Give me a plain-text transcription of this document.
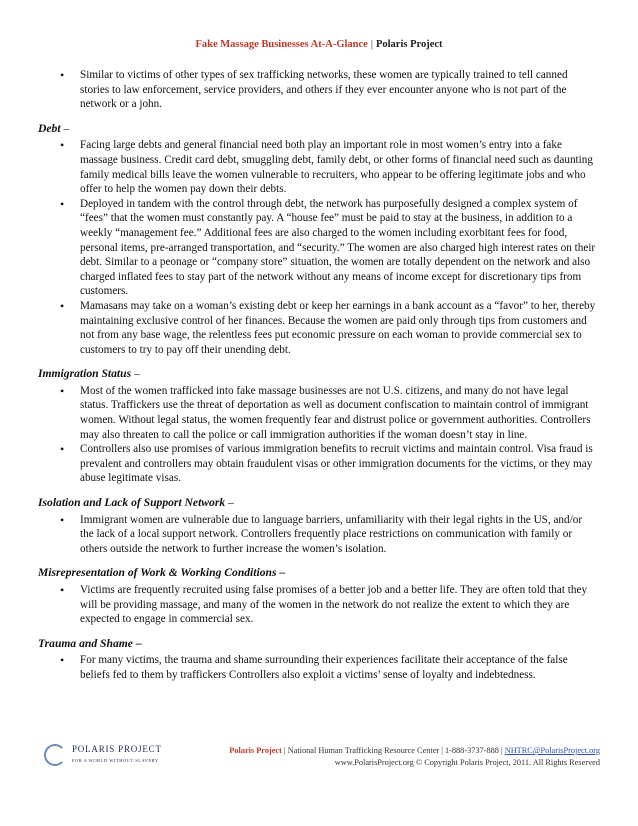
Fake Massage Businesses At-A-Glance | Polaris Project
• Similar to victims of other types of sex trafficking networks, these women are typically trained to tell canned stories to law enforcement, service providers, and others if they ever encounter anyone who is not part of the network or a john.
Debt –
• Facing large debts and general financial need both play an important role in most women’s entry into a fake massage business. Credit card debt, smuggling debt, family debt, or other forms of financial need such as daunting family medical bills leave the women vulnerable to recruiters, who appear to be offering legitimate jobs and who offer to help the women pay down their debts.
• Deployed in tandem with the control through debt, the network has purposefully designed a complex system of “fees” that the women must constantly pay. A “house fee” must be paid to stay at the business, in addition to a weekly “management fee.” Additional fees are also charged to the women including exorbitant fees for food, personal items, pre-arranged transportation, and “security.” The women are also charged high interest rates on their debt. Similar to a peonage or “company store” situation, the women are totally dependent on the network and also charged inflated fees to stay part of the network without any means of income except for discretionary tips from customers.
• Mamasans may take on a woman’s existing debt or keep her earnings in a bank account as a “favor” to her, thereby maintaining exclusive control of her finances. Because the women are paid only through tips from customers and not from any base wage, the relentless fees put economic pressure on each woman to provide commercial sex to customers to try to pay off their unending debt.
Immigration Status –
• Most of the women trafficked into fake massage businesses are not U.S. citizens, and many do not have legal status. Traffickers use the threat of deportation as well as document confiscation to maintain control of immigrant women. Without legal status, the women frequently fear and distrust police or government authorities. Controllers may also threaten to call the police or call immigration authorities if the woman doesn’t stay in line.
• Controllers also use promises of various immigration benefits to recruit victims and maintain control. Visa fraud is prevalent and controllers may obtain fraudulent visas or other immigration documents for the victims, or they may abuse legitimate visas.
Isolation and Lack of Support Network –
• Immigrant women are vulnerable due to language barriers, unfamiliarity with their legal rights in the US, and/or the lack of a local support network. Controllers frequently place restrictions on communication with family or others outside the network to further increase the women’s isolation.
Misrepresentation of Work & Working Conditions –
• Victims are frequently recruited using false promises of a better job and a better life. They are often told that they will be providing massage, and many of the women in the network do not realize the extent to which they are expected to engage in commercial sex.
Trauma and Shame –
• For many victims, the trauma and shame surrounding their experiences facilitate their acceptance of the false beliefs fed to them by traffickers Controllers also exploit a victims’ sense of loyalty and indebtedness.
POLARIS PROJECT
FOR A WORLD WITHOUT SLAVERY
Polaris Project | National Human Trafficking Resource Center | 1-888-3737-888 | NHTRC@PolarisProject.org
www.PolarisProject.org © Copyright Polaris Project, 2011. All Rights Reserved
